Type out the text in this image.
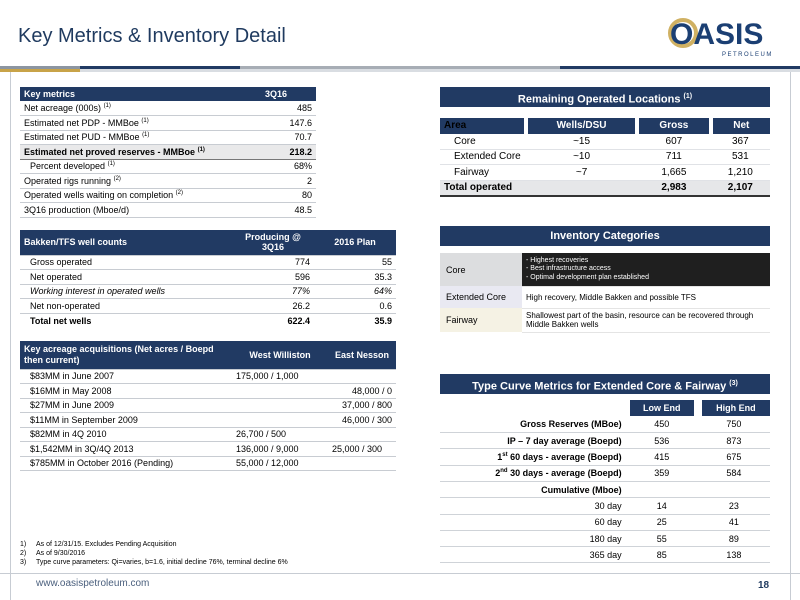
Key Metrics & Inventory Detail	OASIS
PETROLEUM
Key metrics	3Q16
Net acreage (000s) $^{(1)}$	485
Estimated net PDP - MMBoe $^{(1)}$	147.6
Estimated net PUD - MMBoe $^{(1)}$	70.7
Estimated net proved reserves - MMBoe $^{(1)}$	218.2
Percent developed $^{(1)}$	68%
Operated rigs running $^{(2)}$	2
Operated wells waiting on completion $^{(2)}$	80
3Q16 production (Mboe/d)	48.5
Bakken/TFS well counts	Producing @ 3Q16	2016 Plan
Gross operated	774	55
Net operated	596	35.3
Working interest in operated wells	77%	64%
Net non-operated	26.2	0.6
Total net wells	622.4	35.9
Key acreage acquisitions (Net acres / Boepd then current)	West Williston	East Nesson
$83MM in June 2007	175,000 / 1,000	
$16MM in May 2008		48,000 / 0
$27MM in June 2009		37,000 / 800
$11MM in September 2009		46,000 / 300
$82MM in 4Q 2010	26,700 / 500	
$1,542MM in 3Q/4Q 2013	136,000 / 9,000	25,000 / 300
$785MM in October 2016 (Pending)	55,000 / 12,000	
1) As of 12/31/15. Excludes Pending Acquisition
2) As of 9/30/2016
3) Type curve parameters: Qi=varies, b=1.6, initial decline 76%, terminal decline 6%
www.oasispetroleum.com	18
Remaining Operated Locations $^{(1)}$
Area	Wells/DSU	Gross	Net
Core	~15	607	367
Extended Core	~10	711	531
Fairway	~7	1,665	1,210
Total operated		2,983	2,107
Inventory Categories
Core	- Highest recoveries
- Best infrastructure access
- Optimal development plan established

Extended Core	High recovery, Middle Bakken and possible TFS
Fairway	Shallowest part of the basin, resource can be recovered through Middle Bakken wells
Type Curve Metrics for Extended Core & Fairway $^{(3)}$
	Low End	High End
Gross Reserves (MBoe)	450	750
IP – 7 day average (Boepd)	536	873
1st 60 days - average (Boepd)	415	675
2nd 30 days - average (Boepd)	359	584
Cumulative (Mboe)		
30 day	14	23
60 day	25	41
180 day	55	89
365 day	85	138
